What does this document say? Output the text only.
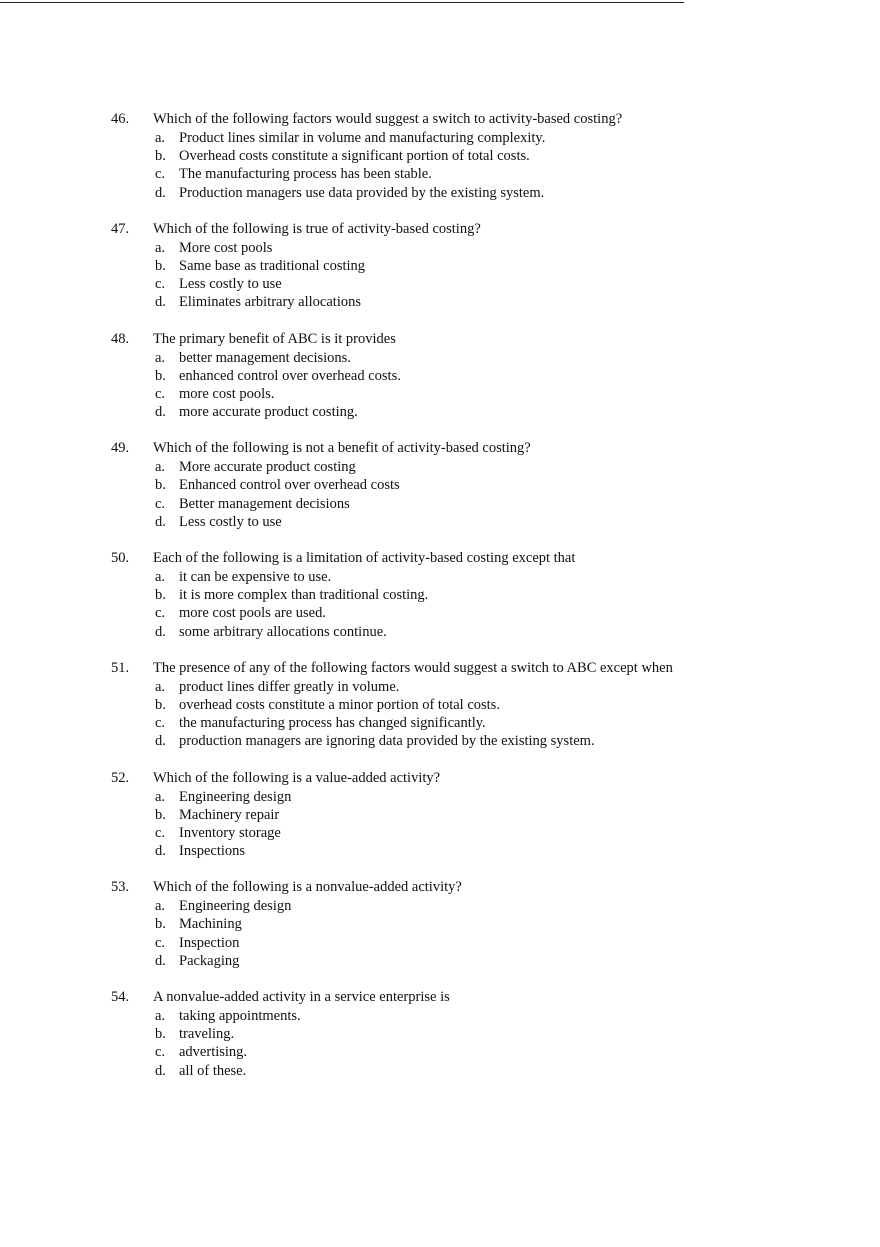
46. Which of the following factors would suggest a switch to activity-based costing?
a. Product lines similar in volume and manufacturing complexity.
b. Overhead costs constitute a significant portion of total costs.
c. The manufacturing process has been stable.
d. Production managers use data provided by the existing system.
47. Which of the following is true of activity-based costing?
a. More cost pools
b. Same base as traditional costing
c. Less costly to use
d. Eliminates arbitrary allocations
48. The primary benefit of ABC is it provides
a. better management decisions.
b. enhanced control over overhead costs.
c. more cost pools.
d. more accurate product costing.
49. Which of the following is not a benefit of activity-based costing?
a. More accurate product costing
b. Enhanced control over overhead costs
c. Better management decisions
d. Less costly to use
50. Each of the following is a limitation of activity-based costing except that
a. it can be expensive to use.
b. it is more complex than traditional costing.
c. more cost pools are used.
d. some arbitrary allocations continue.
51. The presence of any of the following factors would suggest a switch to ABC except when
a. product lines differ greatly in volume.
b. overhead costs constitute a minor portion of total costs.
c. the manufacturing process has changed significantly.
d. production managers are ignoring data provided by the existing system.
52. Which of the following is a value-added activity?
a. Engineering design
b. Machinery repair
c. Inventory storage
d. Inspections
53. Which of the following is a nonvalue-added activity?
a. Engineering design
b. Machining
c. Inspection
d. Packaging
54. A nonvalue-added activity in a service enterprise is
a. taking appointments.
b. traveling.
c. advertising.
d. all of these.
